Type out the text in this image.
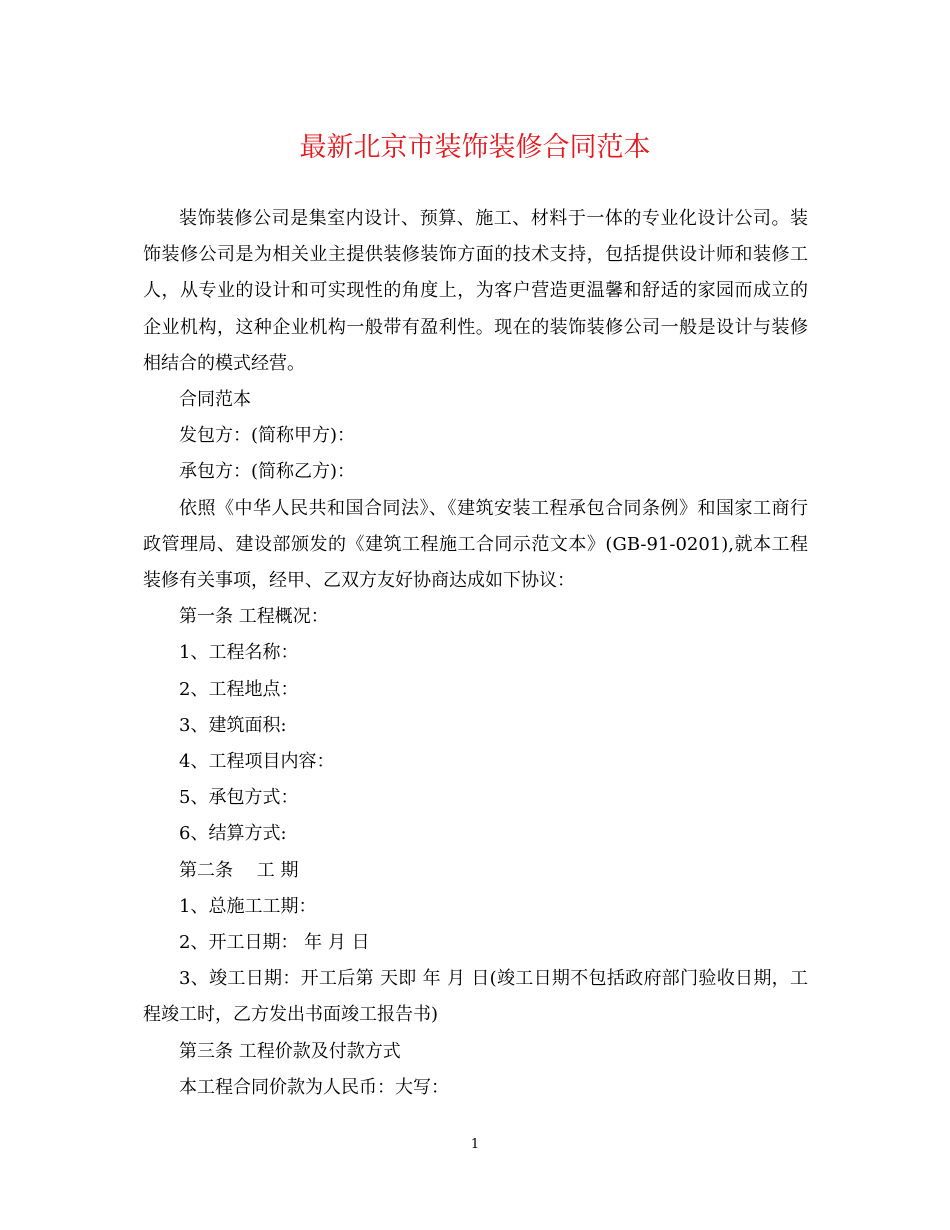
最新北京市装饰装修合同范本

装饰装修公司是集室内设计、预算、施工、材料于一体的专业化设计公司。装饰装修公司是为相关业主提供装修装饰方面的技术支持，包括提供设计师和装修工人，从专业的设计和可实现性的角度上，为客户营造更温馨和舒适的家园而成立的企业机构，这种企业机构一般带有盈利性。现在的装饰装修公司一般是设计与装修相结合的模式经营。

合同范本

发包方：(简称甲方)：

承包方：(简称乙方)：

依照《中华人民共和国合同法》、《建筑安装工程承包合同条例》和国家工商行政管理局、建设部颁发的《建筑工程施工合同示范文本》(GB-91-0201),就本工程装修有关事项，经甲、乙双方友好协商达成如下协议：

第一条 工程概况：

1、工程名称：

2、工程地点：

3、建筑面积:

4、工程项目内容：

5、承包方式：

6、结算方式:

第二条　 工 期

1、总施工工期：

2、开工日期： 年 月 日

3、竣工日期：开工后第 天即 年 月 日(竣工日期不包括政府部门验收日期，工程竣工时，乙方发出书面竣工报告书)

第三条 工程价款及付款方式

本工程合同价款为人民币：大写：

1
